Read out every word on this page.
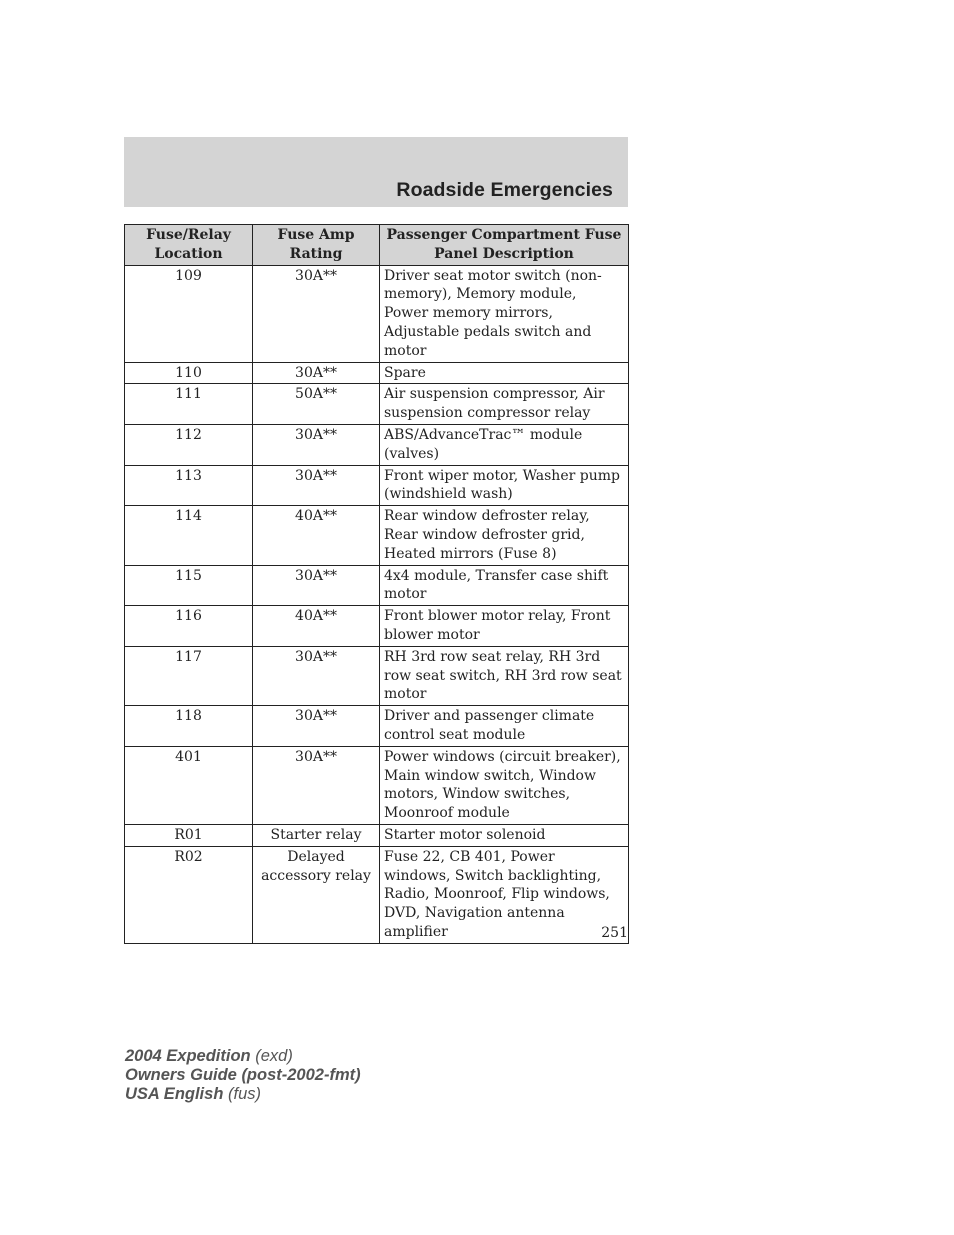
Roadside Emergencies
Fuse/Relay Location	Fuse Amp Rating	Passenger Compartment Fuse Panel Description
109	30A**	Driver seat motor switch (non-memory), Memory module, Power memory mirrors, Adjustable pedals switch and motor
110	30A**	Spare
111	50A**	Air suspension compressor, Air suspension compressor relay
112	30A**	ABS/AdvanceTrac™ module (valves)
113	30A**	Front wiper motor, Washer pump (windshield wash)
114	40A**	Rear window defroster relay, Rear window defroster grid, Heated mirrors (Fuse 8)
115	30A**	4x4 module, Transfer case shift motor
116	40A**	Front blower motor relay, Front blower motor
117	30A**	RH 3rd row seat relay, RH 3rd row seat switch, RH 3rd row seat motor
118	30A**	Driver and passenger climate control seat module
401	30A**	Power windows (circuit breaker), Main window switch, Window motors, Window switches, Moonroof module
R01	Starter relay	Starter motor solenoid
R02	Delayed accessory relay	Fuse 22, CB 401, Power windows, Switch backlighting, Radio, Moonroof, Flip windows, DVD, Navigation antenna amplifier	251
2004 Expedition (exd)
Owners Guide (post-2002-fmt)
USA English (fus)
